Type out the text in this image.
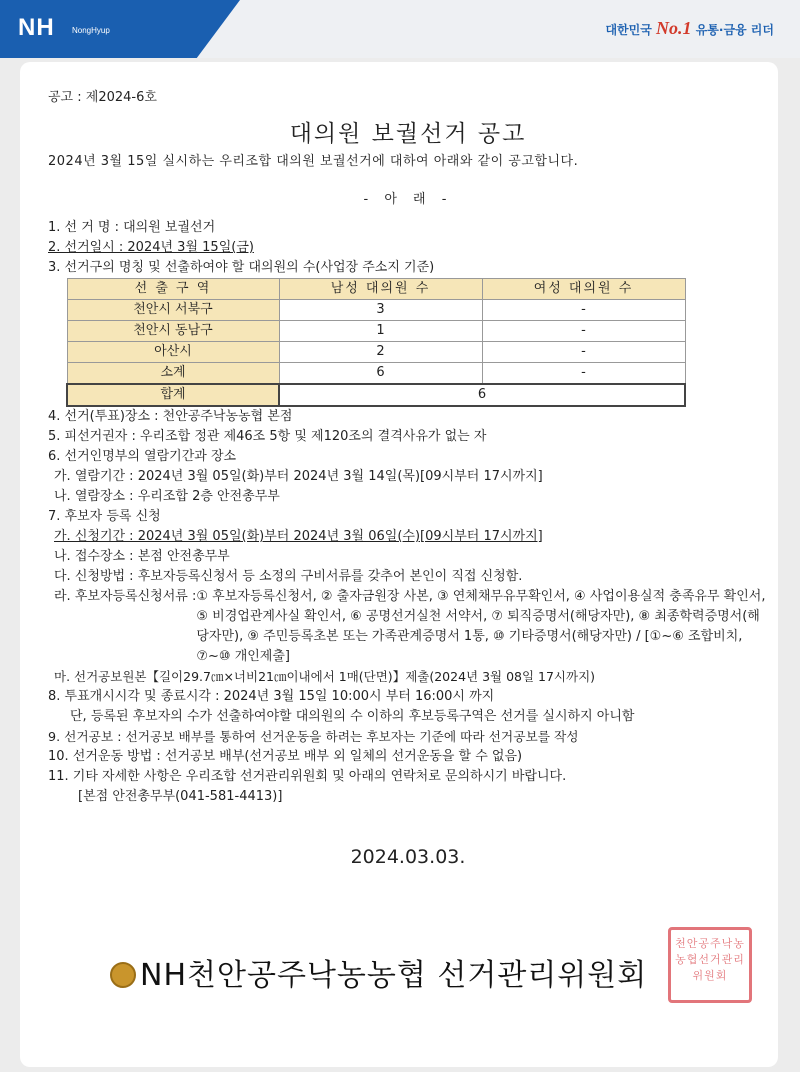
NH NongHyup	대한민국 No.1 유통·금융 리더
공고 : 제2024-6호
대의원 보궐선거 공고
2024년 3월 15일 실시하는 우리조합 대의원 보궐선거에 대하여 아래와 같이 공고합니다.
- 아 래 -
1. 선 거 명 : 대의원 보궐선거
2. 선거일시 : 2024년 3월 15일(금)
3. 선거구의 명칭 및 선출하여야 할 대의원의 수(사업장 주소지 기준)
선 출 구 역	남성 대의원 수	여성 대의원 수
천안시 서북구	3	-
천안시 동남구	1	-
아산시	2	-
소계	6	-
합계	6	
4. 선거(투표)장소 : 천안공주낙농농협 본점
5. 피선거권자 : 우리조합 정관 제46조 5항 및 제120조의 결격사유가 없는 자
6. 선거인명부의 열람기간과 장소
가. 열람기간 : 2024년 3월 05일(화)부터 2024년 3월 14일(목)[09시부터 17시까지]
나. 열람장소 : 우리조합 2층 안전총무부
7. 후보자 등록 신청
가. 신청기간 : 2024년 3월 05일(화)부터 2024년 3월 06일(수)[09시부터 17시까지]
나. 접수장소 : 본점 안전총무부
다. 신청방법 : 후보자등록신청서 등 소정의 구비서류를 갖추어 본인이 직접 신청함.
라. 후보자등록신청서류 : ① 후보자등록신청서, ② 출자금원장 사본, ③ 연체채무유무확인서, ④ 사업이용실적 충족유무 확인서, ⑤ 비경업관계사실 확인서, ⑥ 공명선거실천 서약서, ⑦ 퇴직증명서(해당자만), ⑧ 최종학력증명서(해당자만), ⑨ 주민등록초본 또는 가족관계증명서 1통, ⑩ 기타증명서(해당자만) / [①~⑥ 조합비치, ⑦~⑩ 개인제출]
마. 선거공보원본【길이29.7㎝×너비21㎝이내에서 1매(단면)】제출(2024년 3월 08일 17시까지)
8. 투표개시시각 및 종료시각 : 2024년 3월 15일 10:00시 부터 16:00시 까지
단, 등록된 후보자의 수가 선출하여야할 대의원의 수 이하의 후보등록구역은 선거를 실시하지 아니함
9. 선거공보 : 선거공보 배부를 통하여 선거운동을 하려는 후보자는 기준에 따라 선거공보를 작성
10. 선거운동 방법 : 선거공보 배부(선거공보 배부 외 일체의 선거운동을 할 수 없음)
11. 기타 자세한 사항은 우리조합 선거관리위원회 및 아래의 연락처로 문의하시기 바랍니다.
[본점 안전총무부(041-581-4413)]
2024.03.03.
NH천안공주낙농농협 선거관리위원회
천안공주낙농농협선거관리위원회
